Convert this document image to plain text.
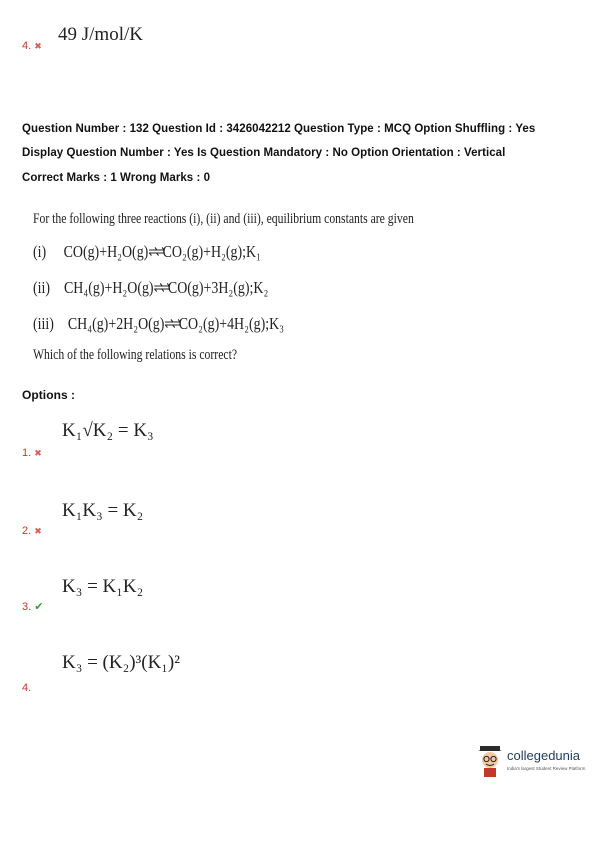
49 J/mol/K
4. ✖
Question Number : 132 Question Id : 3426042212 Question Type : MCQ Option Shuffling : Yes
Display Question Number : Yes Is Question Mandatory : No Option Orientation : Vertical
Correct Marks : 1 Wrong Marks : 0
For the following three reactions (i), (ii) and (iii), equilibrium constants are given
(i) CO(g)+H₂O(g)⇌⇌CO₂(g)+H₂(g);K₁
(ii) CH₄(g)+H₂O(g)⇌⇌CO(g)+3H₂(g);K₂
(iii) CH₄(g)+2H₂O(g)⇌⇌CO₂(g)+4H₂(g);K₃
Which of the following relations is correct?
Options :
K₁√K₂ = K₃
1. ✖
K₁K₃ = K₂
2. ✖
K₃ = K₁K₂
3. ✔
K₃ = (K₂)³(K₁)²
4.
collegedunia
India's largest Student Review Platform
